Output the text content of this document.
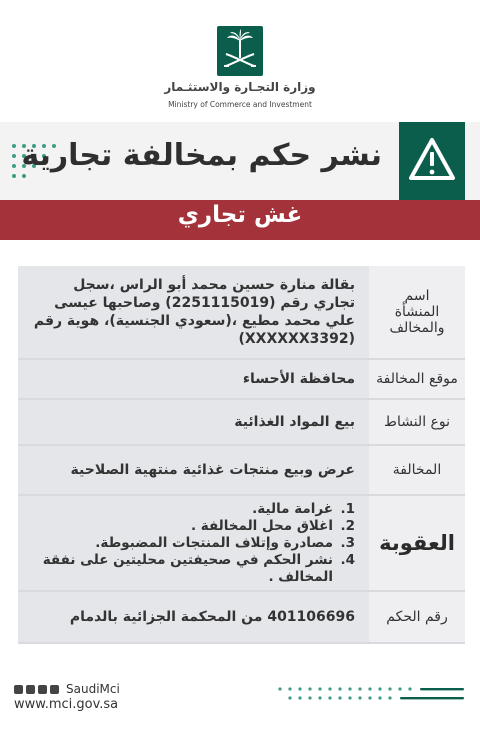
وزارة التجـارة والاستثـمار
Ministry of Commerce and Investment
نشر حكم بمخالفة تجارية
غش تجاري
اسم المنشأة والمخالف
بقالة منارة حسين محمد أبو الراس ،سجل تجاري رقم (2251115019) وصاحبها عيسى علي محمد مطيع ،(سعودي الجنسية)، هوية رقم (XXXXXX3392)
موقع المخالفة
محافظة الأحساء
نوع النشاط
بيع المواد الغذائية
المخالفة
عرض وبيع منتجات غذائية منتهية الصلاحية
العقوبة
1.
غرامة مالية.
2.
اغلاق محل المخالفة .
3.
مصادرة وإتلاف المنتجات المضبوطة.
4.
نشر الحكم في صحيفتين محليتين على نفقة المخالف .
رقم الحكم
401106696 من المحكمة الجزائية بالدمام
SaudiMci
www.mci.gov.sa
